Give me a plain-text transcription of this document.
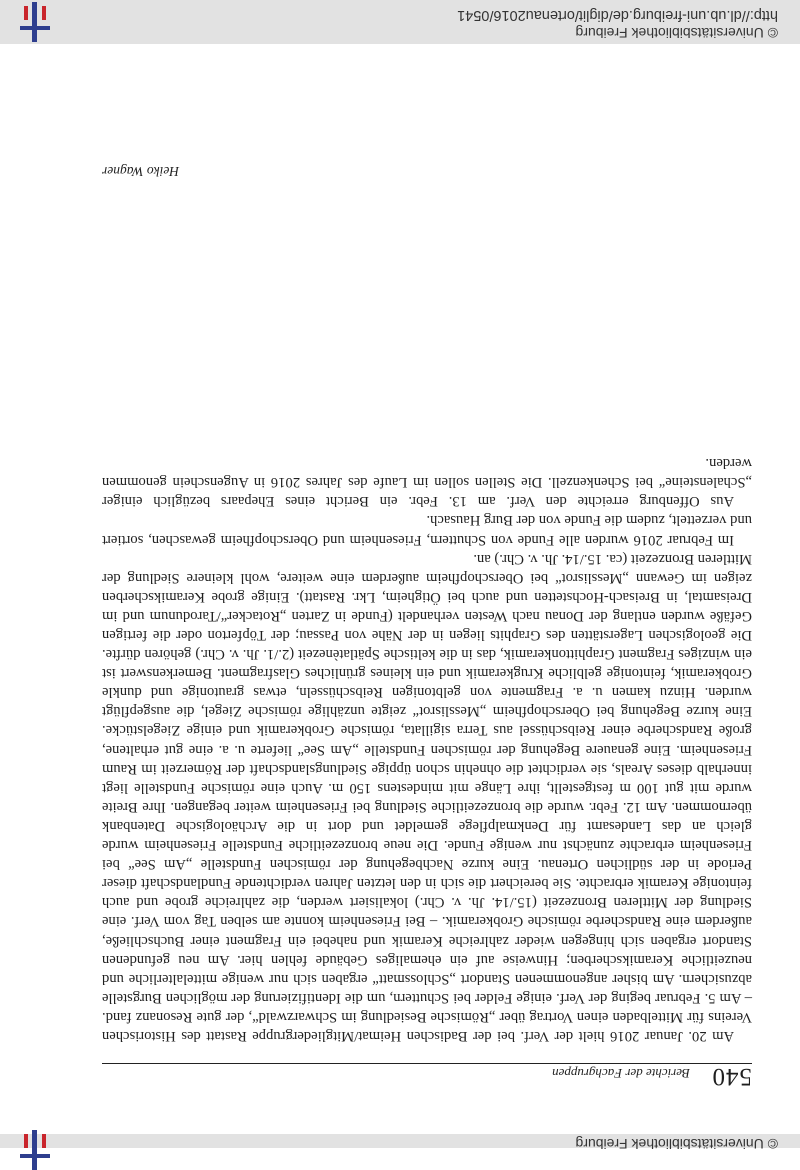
© Universitätsbibliothek Freiburg
540
Berichte der Fachgruppen

Am 20. Januar 2016 hielt der Verf. bei der Badischen Heimat/Mitgliedergruppe Rastatt des Historischen Vereins für Mittelbaden einen Vortrag über „Römische Besiedlung im Schwarzwald“, der gute Resonanz fand. – Am 5. Februar beging der Verf. einige Felder bei Schuttern, um die Identifizierung der möglichen Burgstelle abzusichern. Am bisher angenommenen Standort „Schlossmatt“ ergaben sich nur wenige mittelalterliche und neuzeitliche Keramikscherben; Hinweise auf ein ehemaliges Gebäude fehlen hier. Am neu gefundenen Standort ergaben sich hingegen wieder zahlreiche Keramik und nahebei ein Fragment einer Buchschließe, außerdem eine Randscherbe römische Grobkeramik. – Bei Friesenheim konnte am selben Tag vom Verf. eine Siedlung der Mittleren Bronzezeit (15./14. Jh. v. Chr.) lokalisiert werden, die zahlreiche grobe und auch feintonige Keramik erbrachte. Sie bereichert die sich in den letzten Jahren verdichtende Fundlandschaft dieser Periode in der südlichen Ortenau. Eine kurze Nachbegehung der römischen Fundstelle „Am See“ bei Friesenheim erbrachte zunächst nur wenige Funde. Die neue bronzezeitliche Fundstelle Friesenheim wurde gleich an das Landesamt für Denkmalpflege gemeldet und dort in die Archäologische Datenbank übernommen. Am 12. Febr. wurde die bronzezeitliche Siedlung bei Friesenheim weiter begangen. Ihre Breite wurde mit gut 100 m festgestellt, ihre Länge mit mindestens 150 m. Auch eine römische Fundstelle liegt innerhalb dieses Areals, sie verdichtet die ohnehin schon üppige Siedlungslandschaft der Römerzeit im Raum Friesenheim. Eine genauere Begehung der römischen Fundstelle „Am See“ lieferte u. a. eine gut erhaltene, große Randscherbe einer Reibschüssel aus Terra sigillata, römische Grobkeramik und einige Ziegelstücke. Eine kurze Begehung bei Oberschopfheim „Messlisrot“ zeigte unzählige römische Ziegel, die ausgepflügt wurden. Hinzu kamen u. a. Fragmente von gelbtonigen Reibschüsseln, etwas grautonige und dunkle Grobkeramik, feintonige gelbliche Krugkeramik und ein kleines grünliches Glasfragment. Bemerkenswert ist ein winziges Fragment Graphittonkeramik, das in die keltische Spätlatènezeit (2./1. Jh. v. Chr.) gehören dürfte. Die geologischen Lagerstätten des Graphits liegen in der Nähe von Passau; der Töpferton oder die fertigen Gefäße wurden entlang der Donau nach Westen verhandelt (Funde in Zarten „Rotacker“/Tarodunum und im Dreisamtal, in Breisach-Hochstetten und auch bei Ötigheim, Lkr. Rastatt). Einige grobe Keramikscherben zeigen im Gewann „Messlisrot“ bei Oberschopfheim außerdem eine weitere, wohl kleinere Siedlung der Mittleren Bronzezeit (ca. 15./14. Jh. v. Chr.) an.

Im Februar 2016 wurden alle Funde von Schuttern, Friesenheim und Oberschopfheim gewaschen, sortiert und verzettelt, zudem die Funde von der Burg Hausach.

Aus Offenburg erreichte den Verf. am 13. Febr. ein Bericht eines Ehepaars bezüglich einiger „Schalensteine“ bei Schenkenzell. Die Stellen sollen im Laufe des Jahres 2016 in Augenschein genommen werden.

Heiko Wagner
© Universitätsbibliothek Freiburg
http://dl.ub.uni-freiburg.de/diglit/ortenau2016/0541
